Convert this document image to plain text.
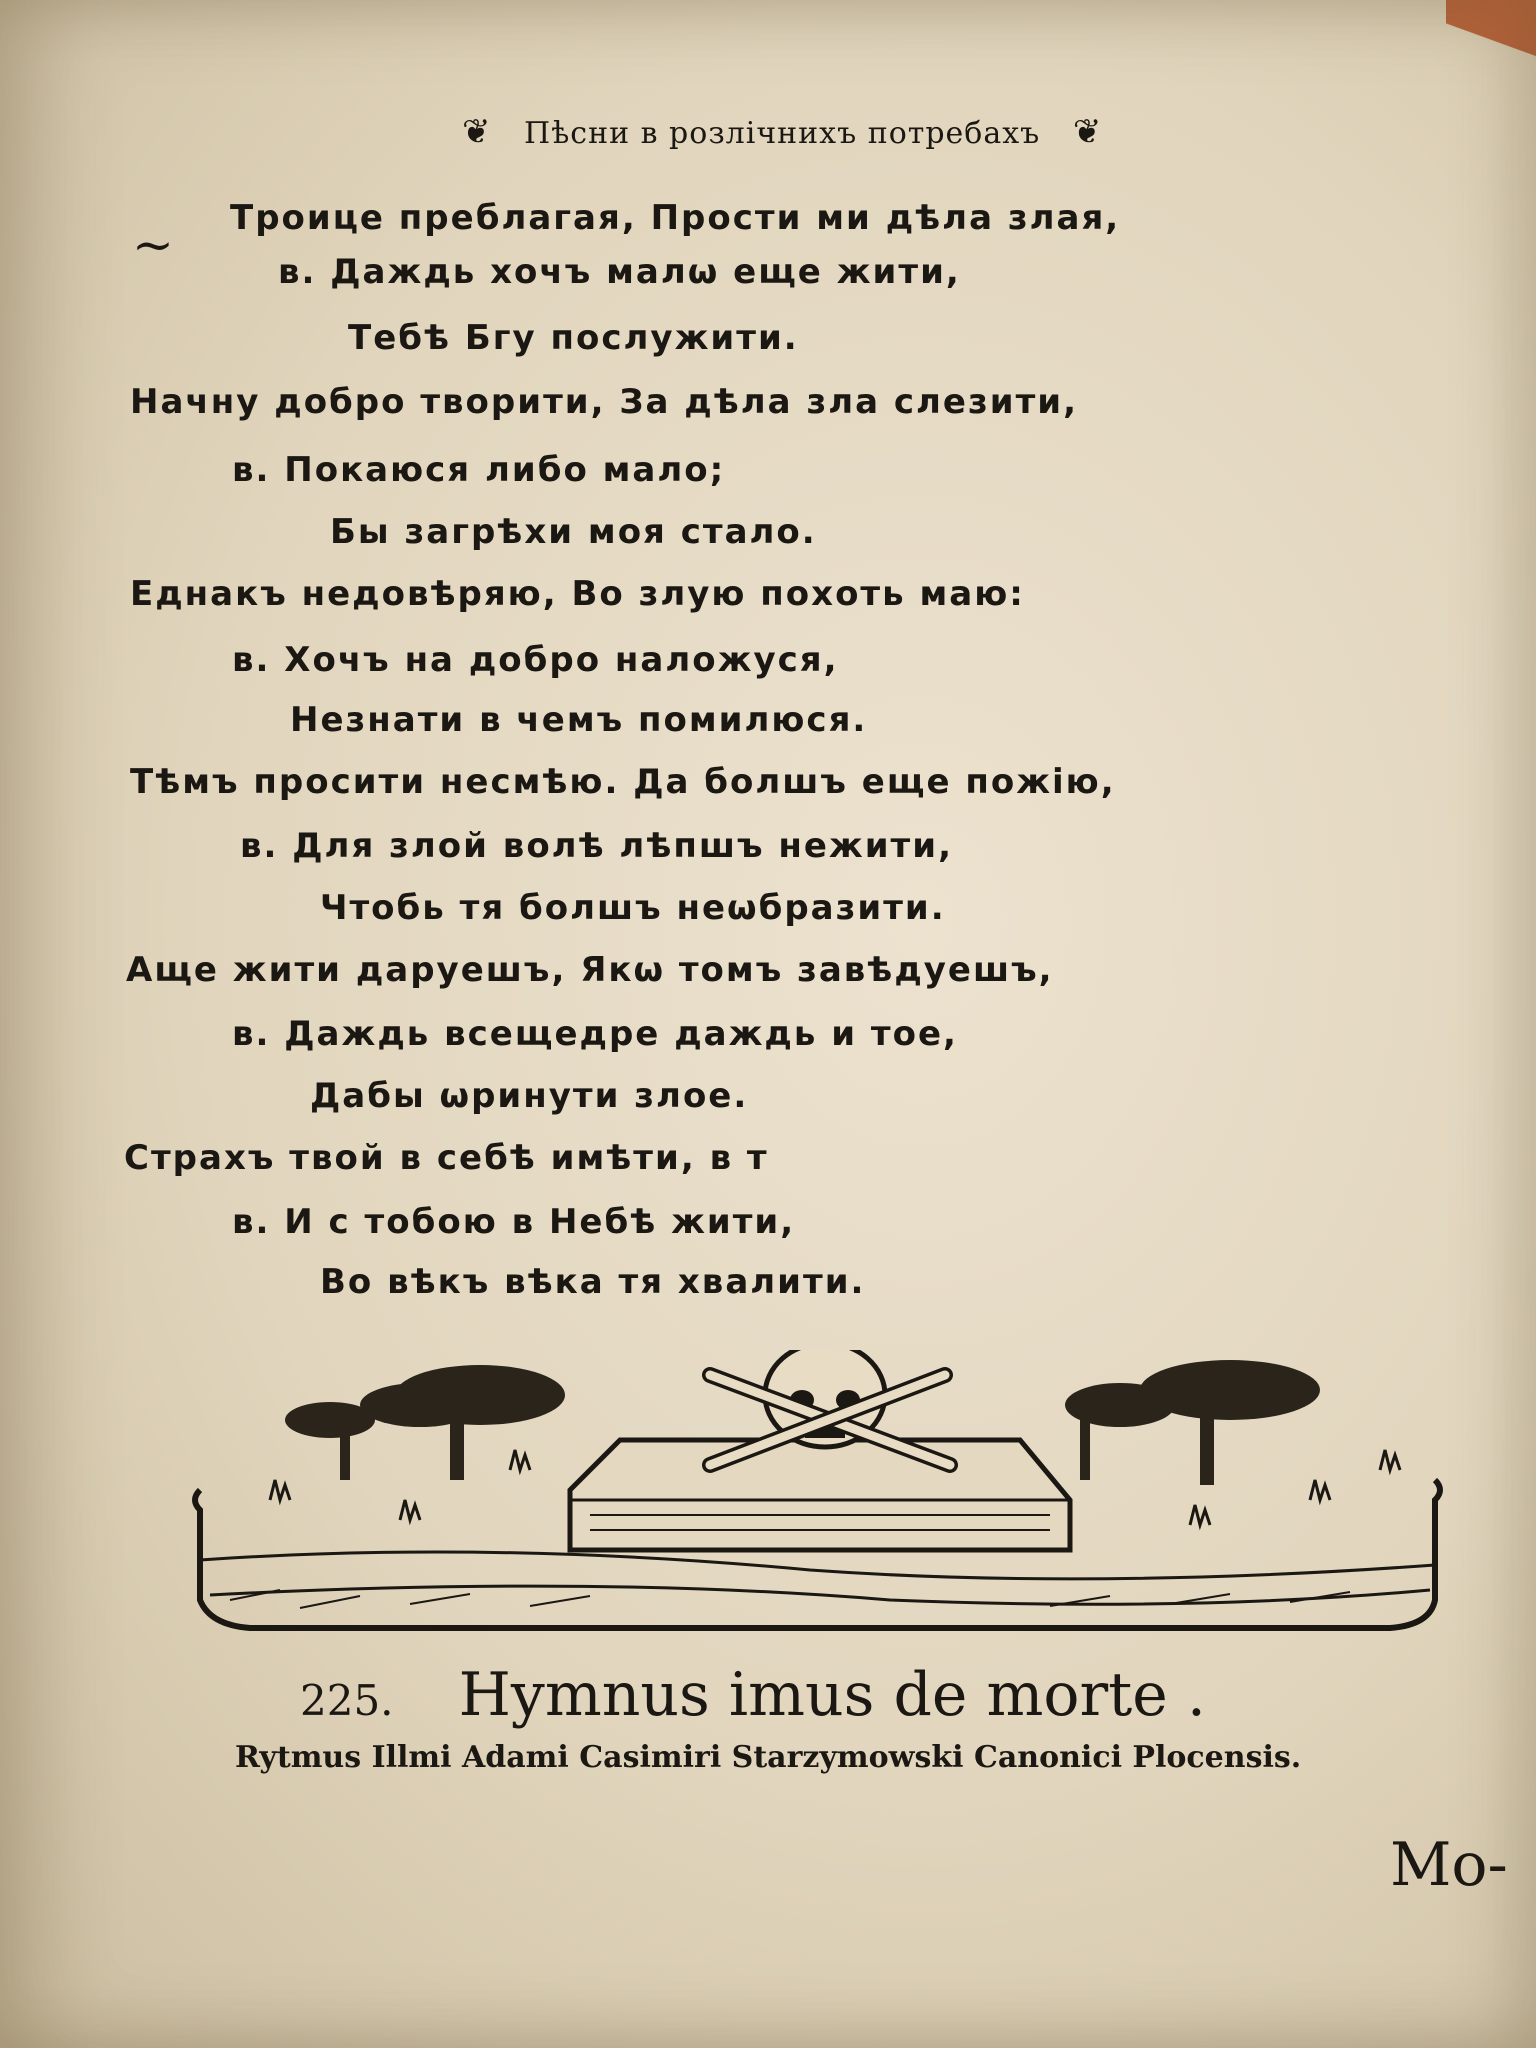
❦ Пѣсни в розлічнихъ потребахъ ❦
~ Троице преблагая, Прости ми дѣла злая,
в. Даждь хочъ малω еще жити,
Тебѣ Бгу послужити.
Начну добро творити, За дѣла зла слезити,
в. Покаюся либо мало;
Бы загрѣхи моя стало.
Еднакъ недовѣряю, Во злую похоть маю:
в. Хочъ на добро наложуся,
Незнати в чемъ помилюся.
Тѣмъ просити несмѣю. Да болшъ еще пожію,
в. Для злой волѣ лѣпшъ нежити,
Чтобь тя болшъ неωбразити.
Аще жити даруешъ, Якω томъ завѣдуешъ,
в. Даждь всещедре даждь и тое,
Дабы ωринути злое.
Страхъ твой в себѣ имѣти, в т
в. И с тобою в Небѣ жити,
Во вѣкъ вѣка тя хвалити.
225. Hymnus imus de morte .
Rytmus Illmi Adami Casimiri Starzymowski Canonici Plocensis.
Mo-
